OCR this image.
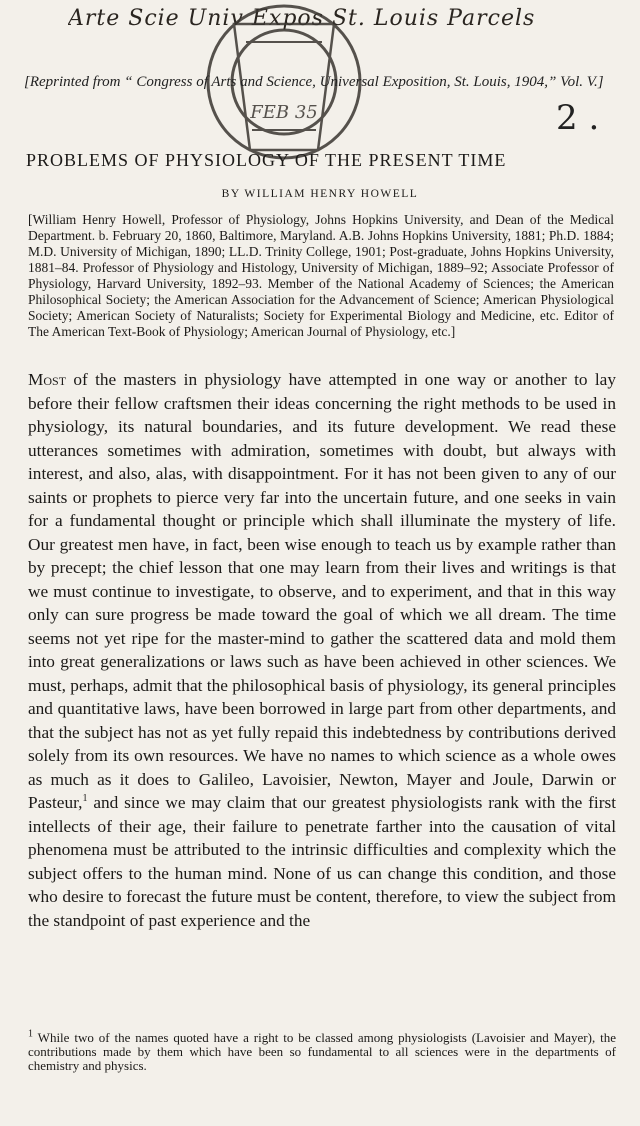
Arte Scie Univ Expos St. Louis Parcels
FEB 35
[Reprinted from “ Congress of Arts and Science, Universal Exposition, St. Louis, 1904,” Vol. V.]
2 .
PROBLEMS OF PHYSIOLOGY OF THE PRESENT TIME
BY WILLIAM HENRY HOWELL
[William Henry Howell, Professor of Physiology, Johns Hopkins University, and Dean of the Medical Department. b. February 20, 1860, Baltimore, Maryland. A.B. Johns Hopkins University, 1881; Ph.D. 1884; M.D. University of Michigan, 1890; LL.D. Trinity College, 1901; Post-graduate, Johns Hopkins University, 1881–84. Professor of Physiology and Histology, University of Michigan, 1889–92; Associate Professor of Physiology, Harvard University, 1892–93. Member of the National Academy of Sciences; the American Philosophical Society; the American Association for the Advancement of Science; American Physiological Society; American Society of Naturalists; Society for Experimental Biology and Medicine, etc. Editor of The American Text-Book of Physiology; American Journal of Physiology, etc.]
Most of the masters in physiology have attempted in one way or another to lay before their fellow craftsmen their ideas concerning the right methods to be used in physiology, its natural boundaries, and its future development. We read these utterances sometimes with admiration, sometimes with doubt, but always with interest, and also, alas, with disappointment. For it has not been given to any of our saints or prophets to pierce very far into the uncertain future, and one seeks in vain for a fundamental thought or principle which shall illuminate the mystery of life. Our greatest men have, in fact, been wise enough to teach us by example rather than by precept; the chief lesson that one may learn from their lives and writings is that we must continue to investigate, to observe, and to experiment, and that in this way only can sure progress be made toward the goal of which we all dream. The time seems not yet ripe for the master-mind to gather the scattered data and mold them into great generalizations or laws such as have been achieved in other sciences. We must, perhaps, admit that the philosophical basis of physiology, its general principles and quantitative laws, have been borrowed in large part from other departments, and that the subject has not as yet fully repaid this indebtedness by contributions derived solely from its own resources. We have no names to which science as a whole owes as much as it does to Galileo, Lavoisier, Newton, Mayer and Joule, Darwin or Pasteur,$^1$ and since we may claim that our greatest physiologists rank with the first intellects of their age, their failure to penetrate farther into the causation of vital phenomena must be attributed to the intrinsic difficulties and complexity which the subject offers to the human mind. None of us can change this condition, and those who desire to forecast the future must be content, therefore, to view the subject from the standpoint of past experience and the
$^1$ While two of the names quoted have a right to be classed among physiologists (Lavoisier and Mayer), the contributions made by them which have been so fundamental to all sciences were in the departments of chemistry and physics.
